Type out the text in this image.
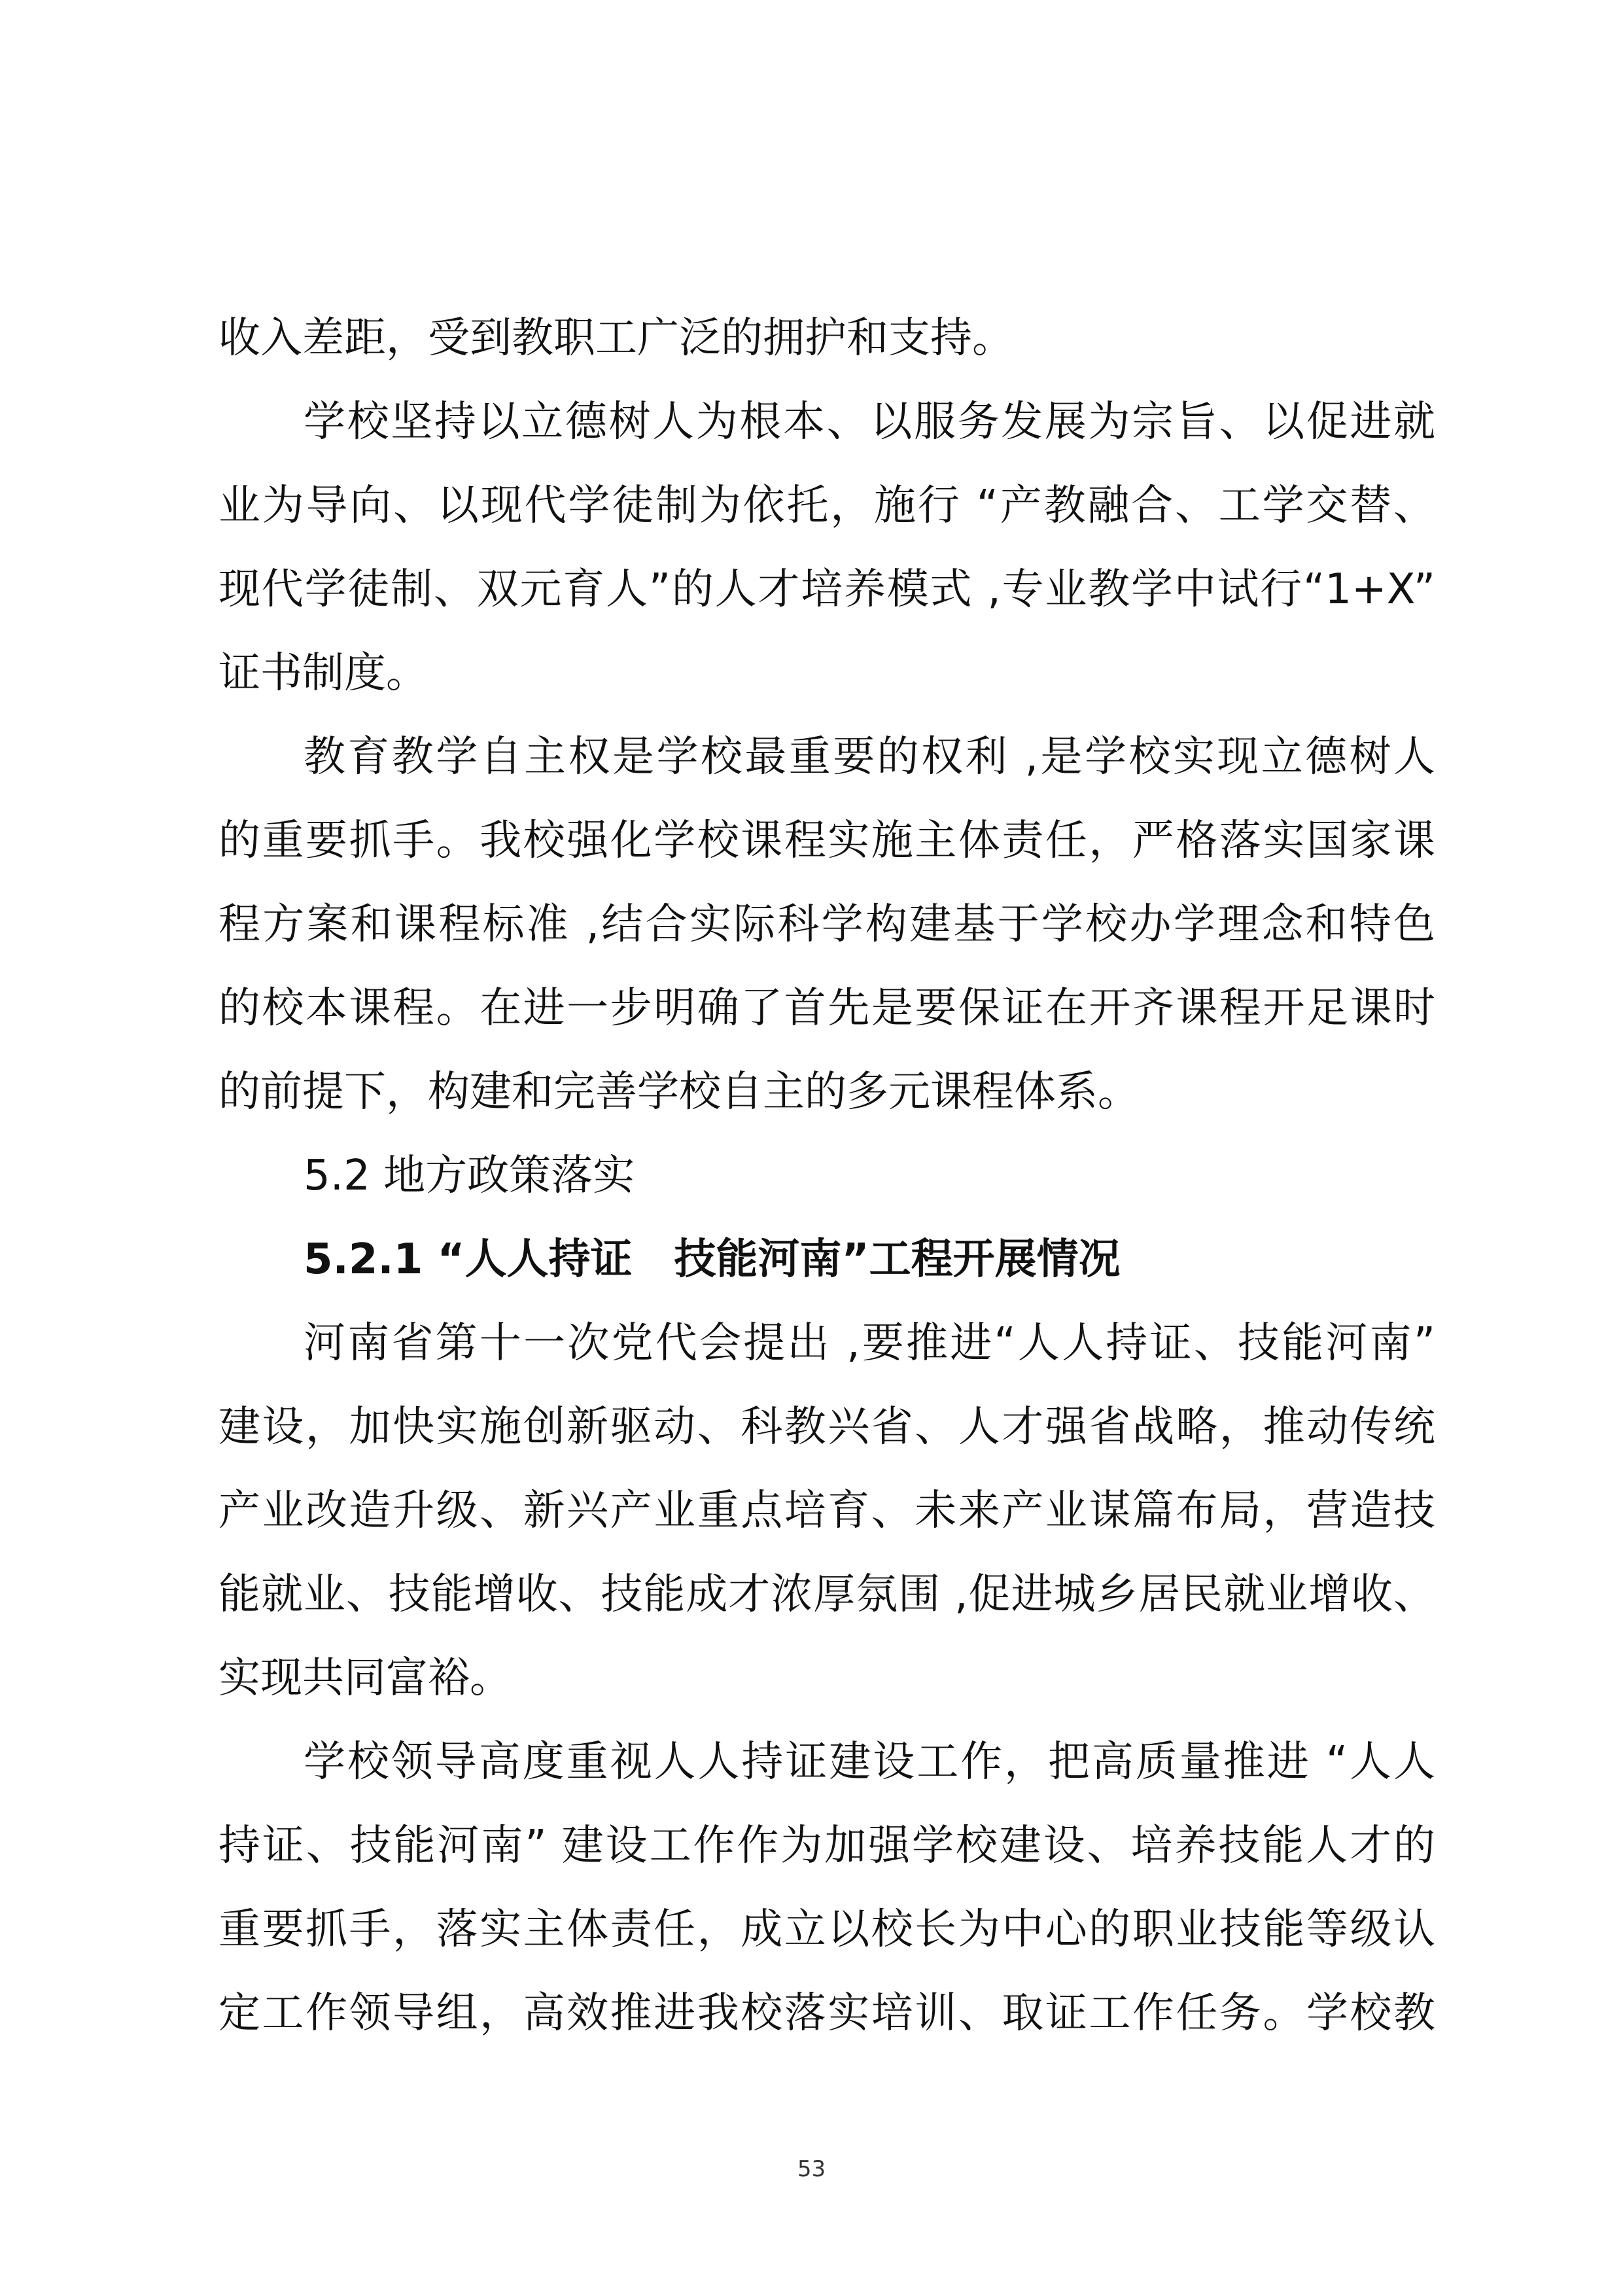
收入差距，受到教职工广泛的拥护和支持。
学校坚持以立德树人为根本、以服务发展为宗旨、以促进就
业为导向、以现代学徒制为依托，施行 “产教融合、工学交替、
现代学徒制、双元育人”的人才培养模式 ,专业教学中试行“1+X”
证书制度。
教育教学自主权是学校最重要的权利 ,是学校实现立德树人
的重要抓手。我校强化学校课程实施主体责任，严格落实国家课
程方案和课程标准 ,结合实际科学构建基于学校办学理念和特色
的校本课程。在进一步明确了首先是要保证在开齐课程开足课时
的前提下，构建和完善学校自主的多元课程体系。
5.2 地方政策落实
5.2.1 “人人持证　技能河南”工程开展情况
河南省第十一次党代会提出 ,要推进“人人持证、技能河南”
建设，加快实施创新驱动、科教兴省、人才强省战略，推动传统
产业改造升级、新兴产业重点培育、未来产业谋篇布局，营造技
能就业、技能增收、技能成才浓厚氛围 ,促进城乡居民就业增收、
实现共同富裕。
学校领导高度重视人人持证建设工作，把高质量推进 “人人
持证、技能河南” 建设工作作为加强学校建设、培养技能人才的
重要抓手，落实主体责任，成立以校长为中心的职业技能等级认
定工作领导组，高效推进我校落实培训、取证工作任务。学校教
53
